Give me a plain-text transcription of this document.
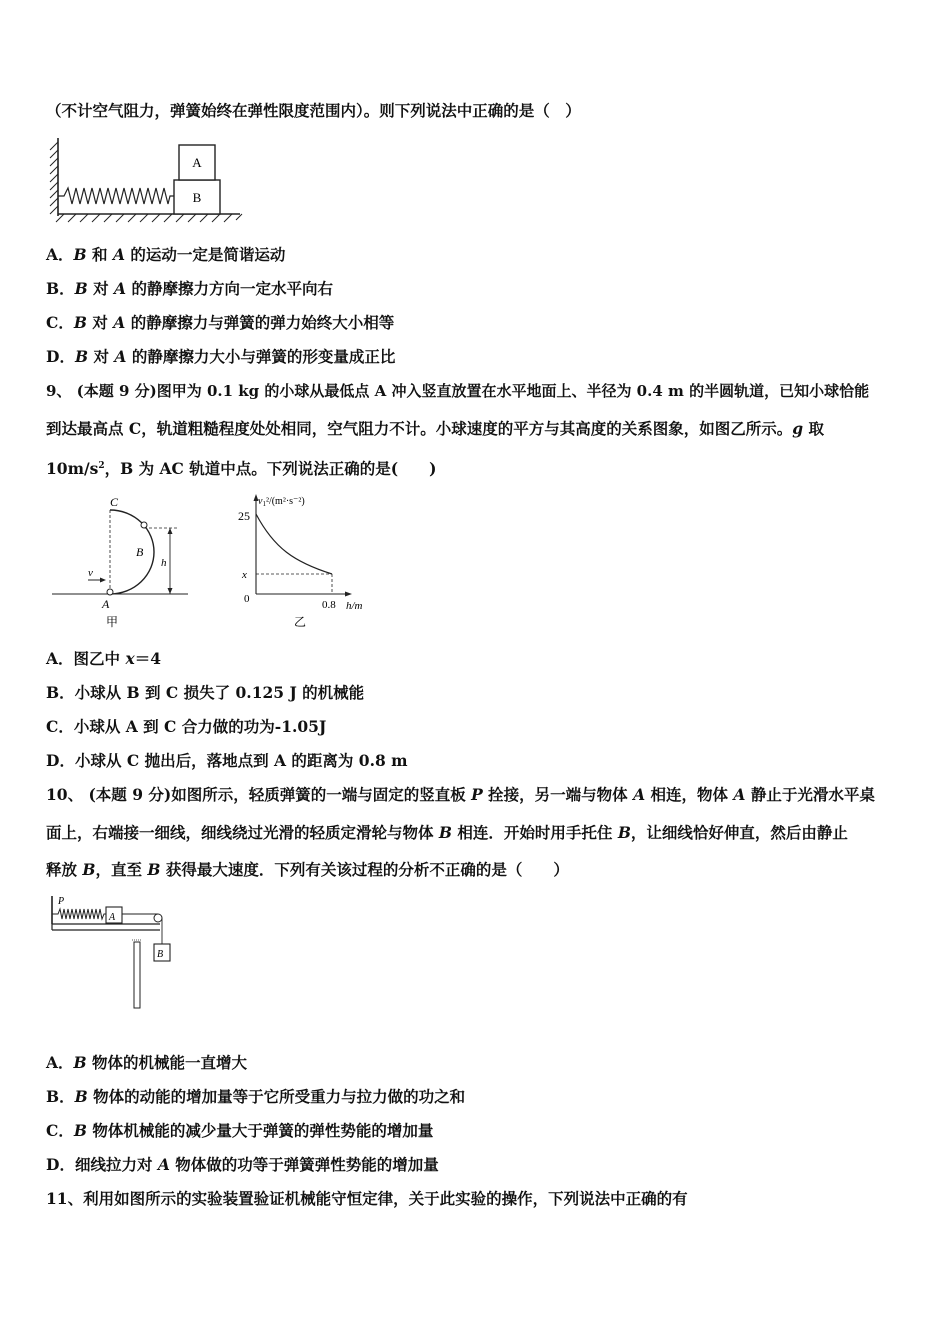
（不计空气阻力，弹簧始终在弹性限度范围内）。则下列说法中正确的是（　）
B
A
A．B 和 A 的运动一定是简谐运动
B．B 对 A 的静摩擦力方向一定水平向右
C．B 对 A 的静摩擦力与弹簧的弹力始终大小相等
D．B 对 A 的静摩擦力大小与弹簧的形变量成正比
9、 (本题 9 分)图甲为 0.1 kg 的小球从最低点 A 冲入竖直放置在水平地面上、半径为 0.4 m 的半圆轨道，已知小球恰能
到达最高点 C，轨道粗糙程度处处相同，空气阻力不计。小球速度的平方与其高度的关系图象，如图乙所示。g 取
$10m/s^2$，B 为 AC 轨道中点。下列说法正确的是(　　)
C
B
A
v
h
甲
$v_1^2/(m^2\cdot s^{-2})$
25
x
0	0.8 h/m
乙
A．图乙中 x＝4
B．小球从 B 到 C 损失了 0.125 J 的机械能
C．小球从 A 到 C 合力做的功为-1.05J
D．小球从 C 抛出后，落地点到 A 的距离为 0.8 m
10、 (本题 9 分)如图所示，轻质弹簧的一端与固定的竖直板 P 拴接，另一端与物体 A 相连，物体 A 静止于光滑水平桌
面上，右端接一细线，细线绕过光滑的轻质定滑轮与物体 B 相连．开始时用手托住 B，让细线恰好伸直，然后由静止
释放 B，直至 B 获得最大速度．下列有关该过程的分析不正确的是（　　）
P
A
B
A．B 物体的机械能一直增大
B．B 物体的动能的增加量等于它所受重力与拉力做的功之和
C．B 物体机械能的减少量大于弹簧的弹性势能的增加量
D．细线拉力对 A 物体做的功等于弹簧弹性势能的增加量
11、利用如图所示的实验装置验证机械能守恒定律，关于此实验的操作，下列说法中正确的有
